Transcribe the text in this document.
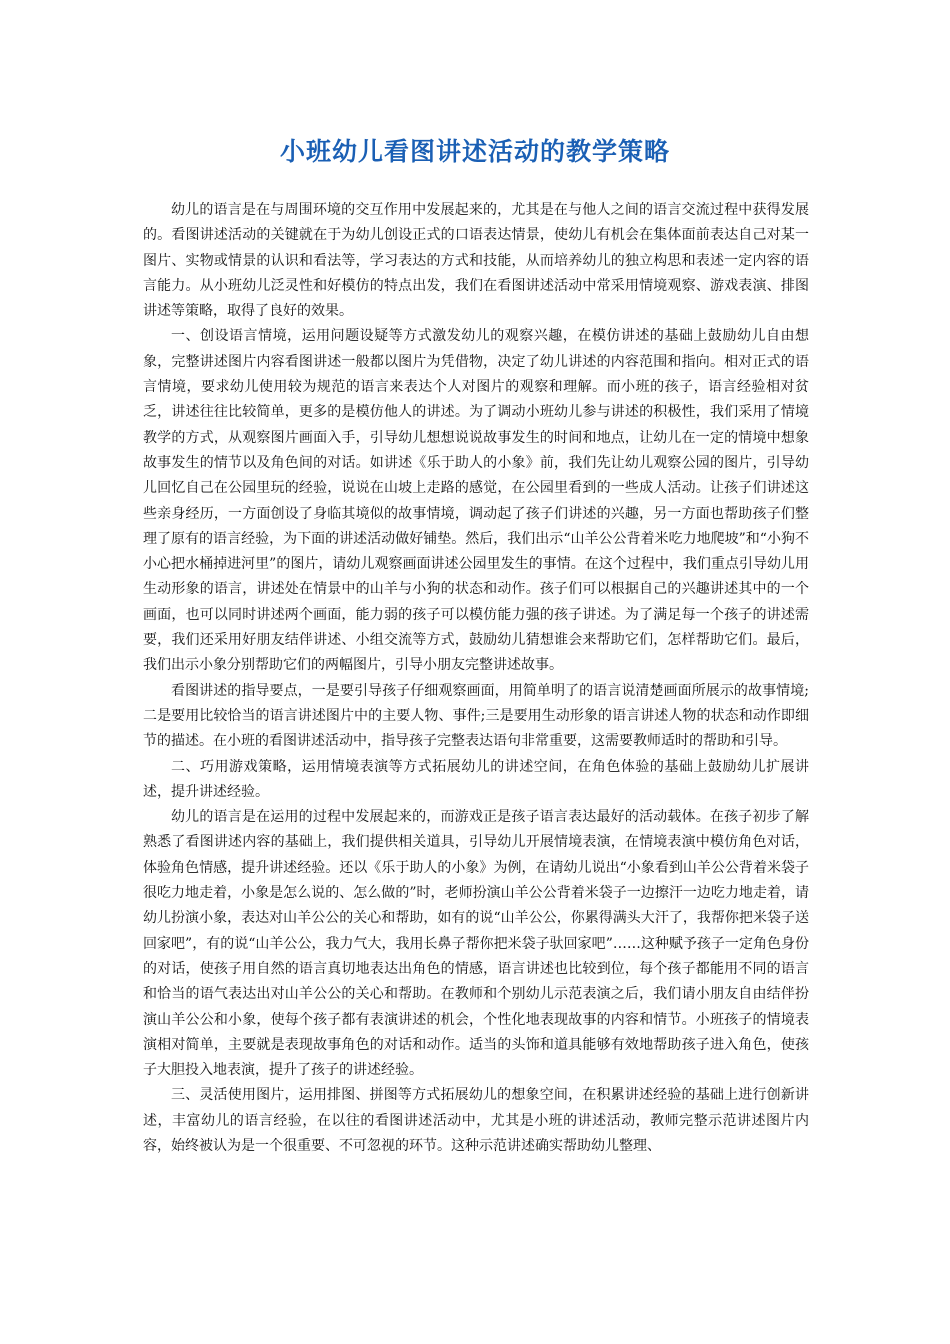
小班幼儿看图讲述活动的教学策略

幼儿的语言是在与周围环境的交互作用中发展起来的，尤其是在与他人之间的语言交流过程中获得发展的。看图讲述活动的关键就在于为幼儿创设正式的口语表达情景，使幼儿有机会在集体面前表达自己对某一图片、实物或情景的认识和看法等，学习表达的方式和技能，从而培养幼儿的独立构思和表述一定内容的语言能力。从小班幼儿泛灵性和好模仿的特点出发，我们在看图讲述活动中常采用情境观察、游戏表演、排图讲述等策略，取得了良好的效果。

一、创设语言情境，运用问题设疑等方式激发幼儿的观察兴趣，在模仿讲述的基础上鼓励幼儿自由想象，完整讲述图片内容看图讲述一般都以图片为凭借物，决定了幼儿讲述的内容范围和指向。相对正式的语言情境，要求幼儿使用较为规范的语言来表达个人对图片的观察和理解。而小班的孩子，语言经验相对贫乏，讲述往往比较简单，更多的是模仿他人的讲述。为了调动小班幼儿参与讲述的积极性，我们采用了情境教学的方式，从观察图片画面入手，引导幼儿想想说说故事发生的时间和地点，让幼儿在一定的情境中想象故事发生的情节以及角色间的对话。如讲述《乐于助人的小象》前，我们先让幼儿观察公园的图片，引导幼儿回忆自己在公园里玩的经验，说说在山坡上走路的感觉，在公园里看到的一些成人活动。让孩子们讲述这些亲身经历，一方面创设了身临其境似的故事情境，调动起了孩子们讲述的兴趣，另一方面也帮助孩子们整理了原有的语言经验，为下面的讲述活动做好铺垫。然后，我们出示“山羊公公背着米吃力地爬坡”和“小狗不小心把水桶掉进河里”的图片，请幼儿观察画面讲述公园里发生的事情。在这个过程中，我们重点引导幼儿用生动形象的语言，讲述处在情景中的山羊与小狗的状态和动作。孩子们可以根据自己的兴趣讲述其中的一个画面，也可以同时讲述两个画面，能力弱的孩子可以模仿能力强的孩子讲述。为了满足每一个孩子的讲述需要，我们还采用好朋友结伴讲述、小组交流等方式，鼓励幼儿猜想谁会来帮助它们，怎样帮助它们。最后，我们出示小象分别帮助它们的两幅图片，引导小朋友完整讲述故事。

看图讲述的指导要点，一是要引导孩子仔细观察画面，用简单明了的语言说清楚画面所展示的故事情境;二是要用比较恰当的语言讲述图片中的主要人物、事件;三是要用生动形象的语言讲述人物的状态和动作即细节的描述。在小班的看图讲述活动中，指导孩子完整表达语句非常重要，这需要教师适时的帮助和引导。

二、巧用游戏策略，运用情境表演等方式拓展幼儿的讲述空间，在角色体验的基础上鼓励幼儿扩展讲述，提升讲述经验。

幼儿的语言是在运用的过程中发展起来的，而游戏正是孩子语言表达最好的活动载体。在孩子初步了解熟悉了看图讲述内容的基础上，我们提供相关道具，引导幼儿开展情境表演，在情境表演中模仿角色对话，体验角色情感，提升讲述经验。还以《乐于助人的小象》为例，在请幼儿说出“小象看到山羊公公背着米袋子很吃力地走着，小象是怎么说的、怎么做的”时，老师扮演山羊公公背着米袋子一边擦汗一边吃力地走着，请幼儿扮演小象，表达对山羊公公的关心和帮助，如有的说“山羊公公，你累得满头大汗了，我帮你把米袋子送回家吧”，有的说“山羊公公，我力气大，我用长鼻子帮你把米袋子驮回家吧”……这种赋予孩子一定角色身份的对话，使孩子用自然的语言真切地表达出角色的情感，语言讲述也比较到位，每个孩子都能用不同的语言和恰当的语气表达出对山羊公公的关心和帮助。在教师和个别幼儿示范表演之后，我们请小朋友自由结伴扮演山羊公公和小象，使每个孩子都有表演讲述的机会，个性化地表现故事的内容和情节。小班孩子的情境表演相对简单，主要就是表现故事角色的对话和动作。适当的头饰和道具能够有效地帮助孩子进入角色，使孩子大胆投入地表演，提升了孩子的讲述经验。

三、灵活使用图片，运用排图、拼图等方式拓展幼儿的想象空间，在积累讲述经验的基础上进行创新讲述，丰富幼儿的语言经验，在以往的看图讲述活动中，尤其是小班的讲述活动，教师完整示范讲述图片内容，始终被认为是一个很重要、不可忽视的环节。这种示范讲述确实帮助幼儿整理、
